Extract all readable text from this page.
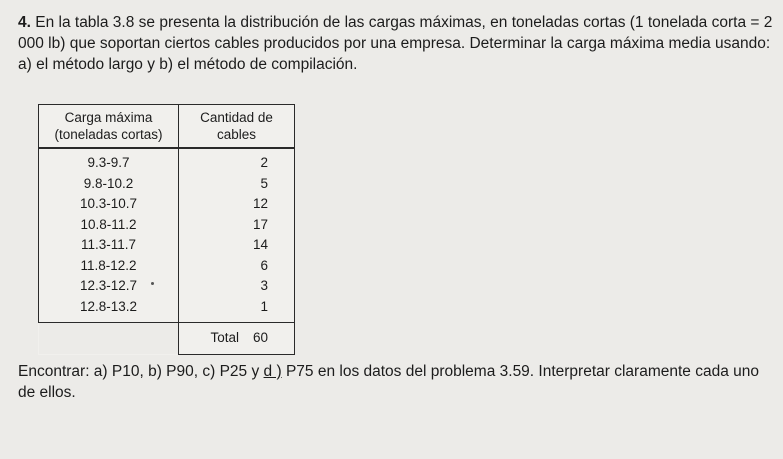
4. En la tabla 3.8 se presenta la distribución de las cargas máximas, en toneladas cortas (1 tonelada corta = 2 000 lb) que soportan ciertos cables producidos por una empresa. Determinar la carga máxima media usando: a) el método largo y b) el método de compilación.
Carga máxima (toneladas cortas)	Cantidad de cables
9.3-9.7	2
9.8-10.2	5
10.3-10.7	12
10.8-11.2	17
11.3-11.7	14
11.8-12.2	6
12.3-12.7	3
12.8-13.2	1
	Total 60
Encontrar: a) P10, b) P90, c) P25 y d ) P75 en los datos del problema 3.59. Interpretar claramente cada uno de ellos.
